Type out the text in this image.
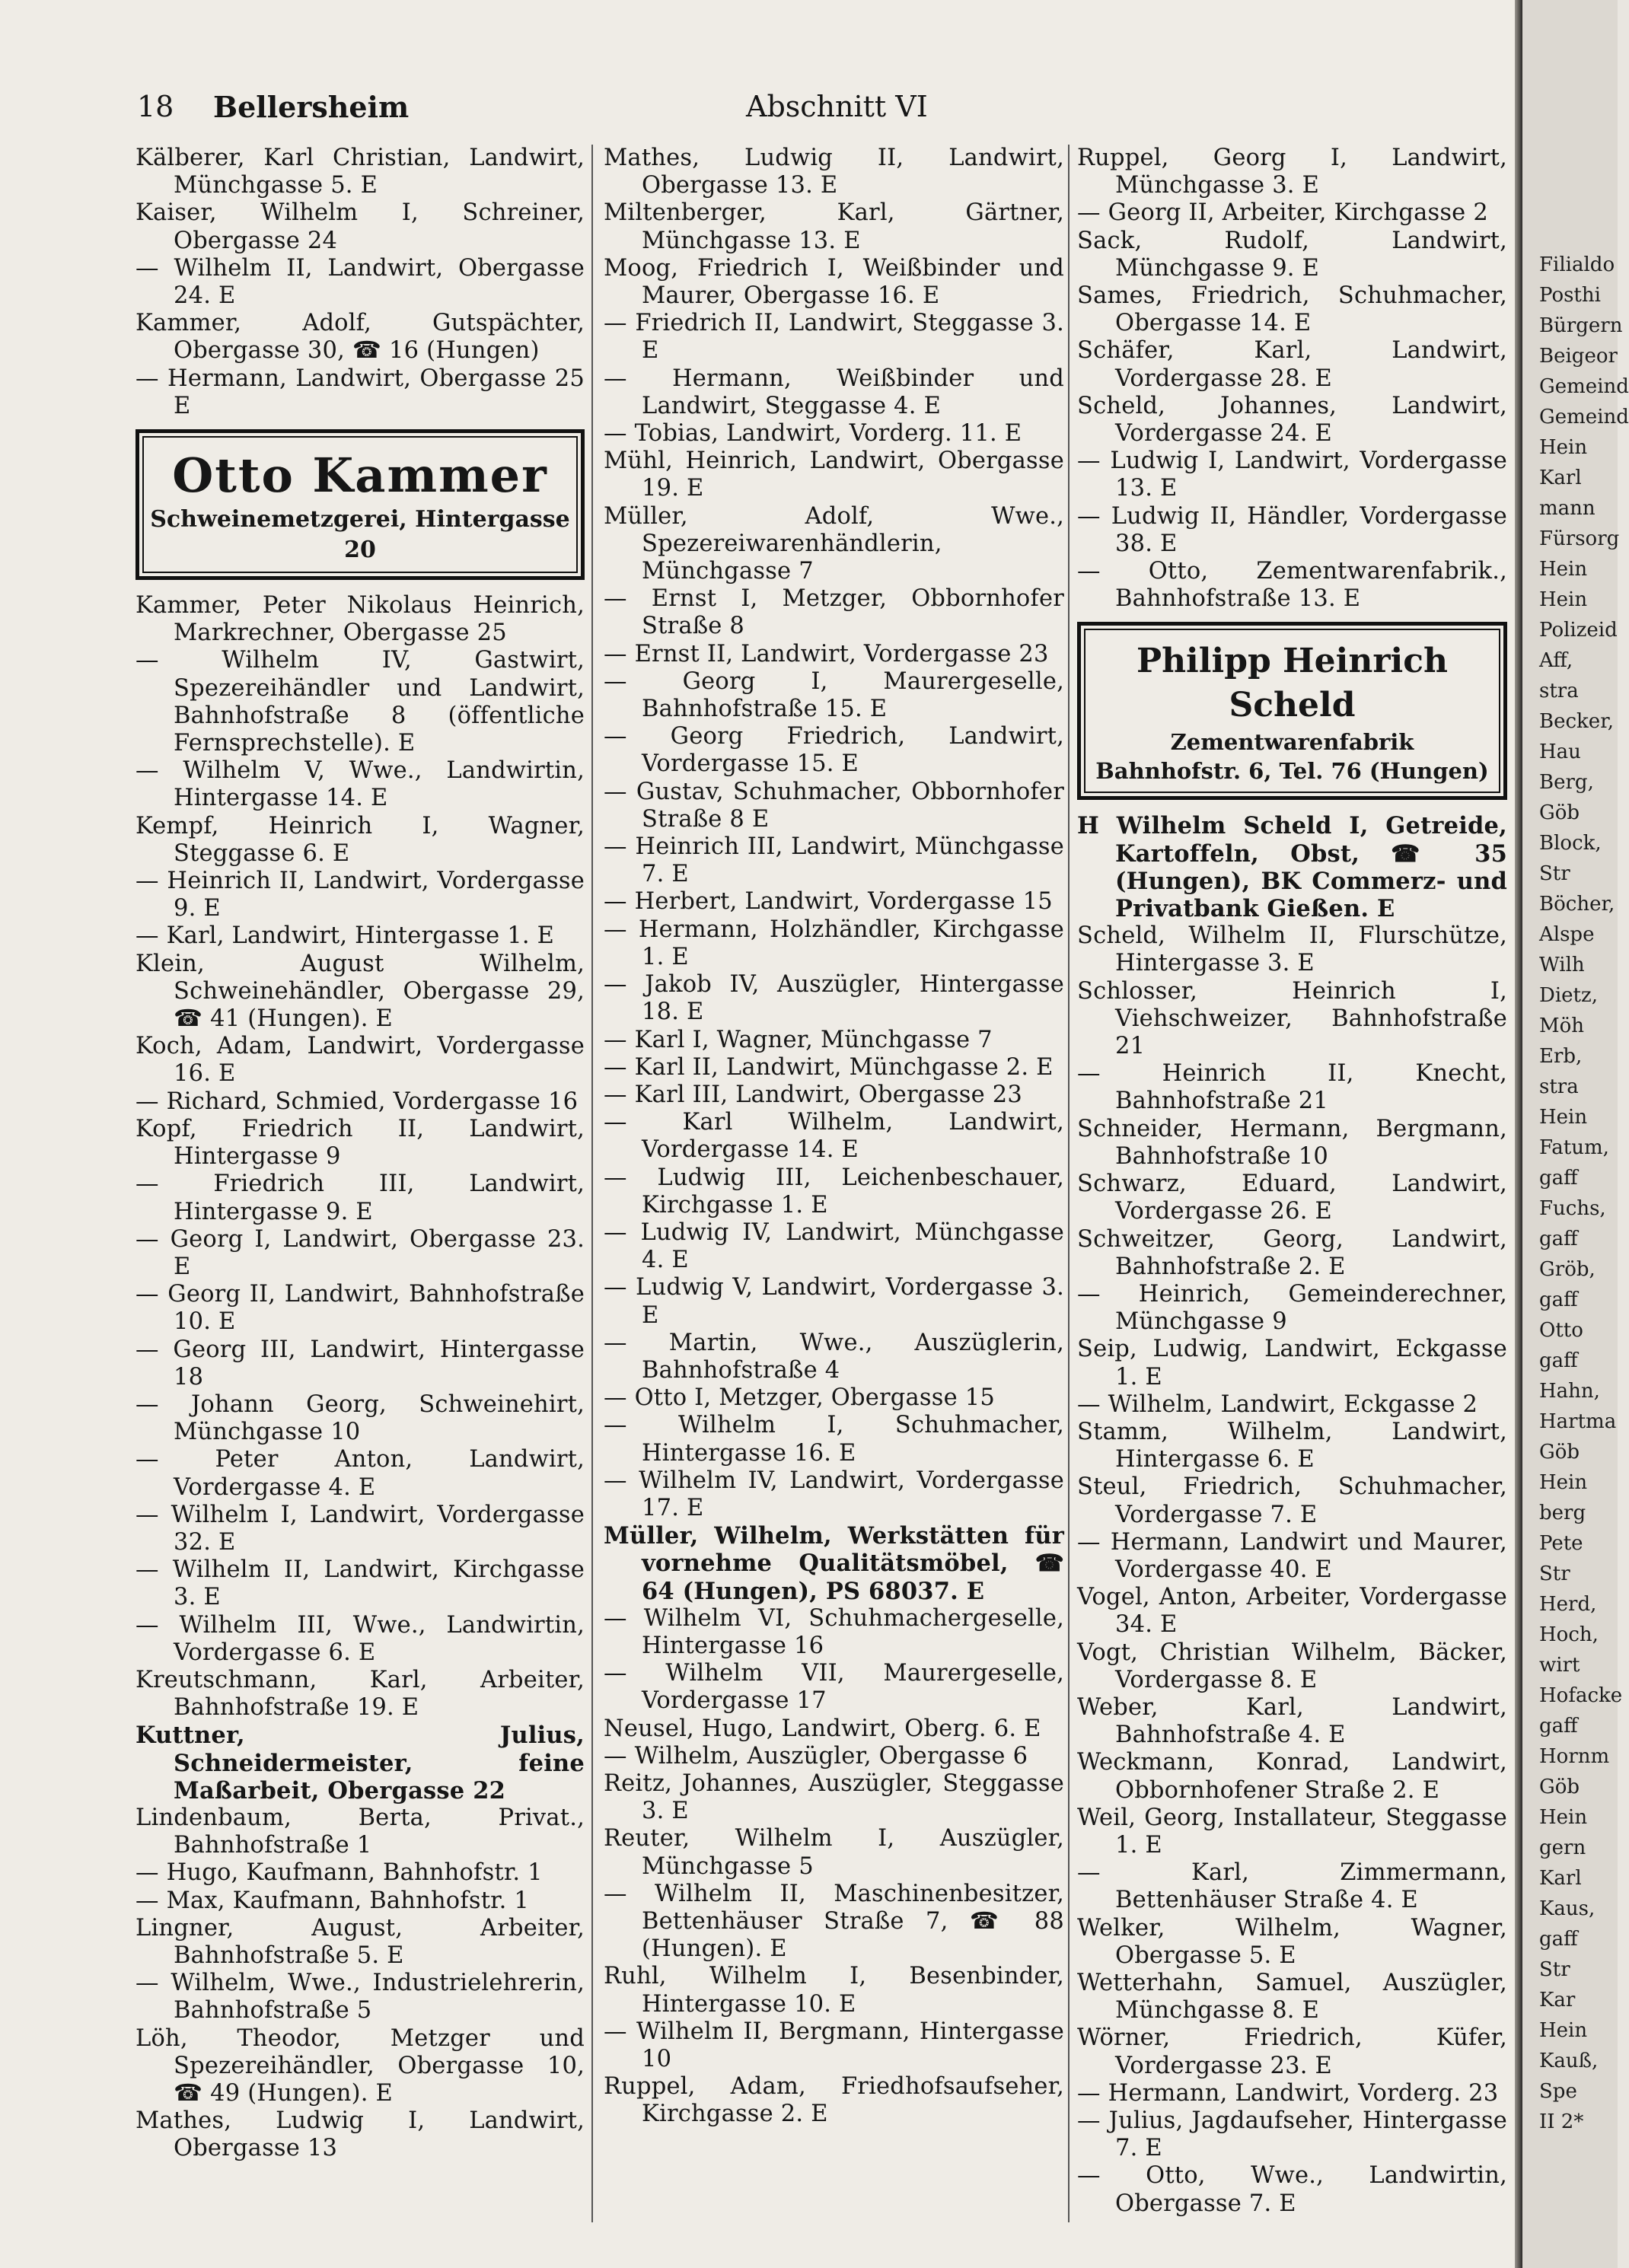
18 Bellersheim	Abschnitt VI

Kälberer, Karl Christian, Landwirt, Münchgasse 5. E

Kaiser, Wilhelm I, Schreiner, Obergasse 24

— Wilhelm II, Landwirt, Obergasse 24. E

Kammer, Adolf, Gutspächter, Obergasse 30, ☎ 16 (Hungen)

— Hermann, Landwirt, Obergasse 25 E

Otto Kammer
Schweinemetzgerei, Hintergasse 20

Kammer, Peter Nikolaus Heinrich, Markrechner, Obergasse 25

— Wilhelm IV, Gastwirt, Spezereihändler und Landwirt, Bahnhofstraße 8 (öffentliche Fernsprechstelle). E

— Wilhelm V, Wwe., Landwirtin, Hintergasse 14. E

Kempf, Heinrich I, Wagner, Steggasse 6. E

— Heinrich II, Landwirt, Vordergasse 9. E

— Karl, Landwirt, Hintergasse 1. E

Klein, August Wilhelm, Schweinehändler, Obergasse 29, ☎ 41 (Hungen). E

Koch, Adam, Landwirt, Vordergasse 16. E

— Richard, Schmied, Vordergasse 16

Kopf, Friedrich II, Landwirt, Hintergasse 9

— Friedrich III, Landwirt, Hintergasse 9. E

— Georg I, Landwirt, Obergasse 23. E

— Georg II, Landwirt, Bahnhofstraße 10. E

— Georg III, Landwirt, Hintergasse 18

— Johann Georg, Schweinehirt, Münchgasse 10

— Peter Anton, Landwirt, Vordergasse 4. E

— Wilhelm I, Landwirt, Vordergasse 32. E

— Wilhelm II, Landwirt, Kirchgasse 3. E

— Wilhelm III, Wwe., Landwirtin, Vordergasse 6. E

Kreutschmann, Karl, Arbeiter, Bahnhofstraße 19. E

Kuttner, Julius, Schneidermeister, feine Maßarbeit, Obergasse 22

Lindenbaum, Berta, Privat., Bahnhofstraße 1

— Hugo, Kaufmann, Bahnhofstr. 1

— Max, Kaufmann, Bahnhofstr. 1

Lingner, August, Arbeiter, Bahnhofstraße 5. E

— Wilhelm, Wwe., Industrielehrerin, Bahnhofstraße 5

Löh, Theodor, Metzger und Spezereihändler, Obergasse 10, ☎ 49 (Hungen). E

Mathes, Ludwig I, Landwirt, Obergasse 13

Mathes, Ludwig II, Landwirt, Obergasse 13. E

Miltenberger, Karl, Gärtner, Münchgasse 13. E

Moog, Friedrich I, Weißbinder und Maurer, Obergasse 16. E

— Friedrich II, Landwirt, Steggasse 3. E

— Hermann, Weißbinder und Landwirt, Steggasse 4. E

— Tobias, Landwirt, Vorderg. 11. E

Mühl, Heinrich, Landwirt, Obergasse 19. E

Müller, Adolf, Wwe., Spezereiwarenhändlerin, Münchgasse 7

— Ernst I, Metzger, Obbornhofer Straße 8

— Ernst II, Landwirt, Vordergasse 23

— Georg I, Maurergeselle, Bahnhofstraße 15. E

— Georg Friedrich, Landwirt, Vordergasse 15. E

— Gustav, Schuhmacher, Obbornhofer Straße 8 E

— Heinrich III, Landwirt, Münchgasse 7. E

— Herbert, Landwirt, Vordergasse 15

— Hermann, Holzhändler, Kirchgasse 1. E

— Jakob IV, Auszügler, Hintergasse 18. E

— Karl I, Wagner, Münchgasse 7

— Karl II, Landwirt, Münchgasse 2. E

— Karl III, Landwirt, Obergasse 23

— Karl Wilhelm, Landwirt, Vordergasse 14. E

— Ludwig III, Leichenbeschauer, Kirchgasse 1. E

— Ludwig IV, Landwirt, Münchgasse 4. E

— Ludwig V, Landwirt, Vordergasse 3. E

— Martin, Wwe., Auszüglerin, Bahnhofstraße 4

— Otto I, Metzger, Obergasse 15

— Wilhelm I, Schuhmacher, Hintergasse 16. E

— Wilhelm IV, Landwirt, Vordergasse 17. E

Müller, Wilhelm, Werkstätten für vornehme Qualitätsmöbel, ☎ 64 (Hungen), PS 68037. E

— Wilhelm VI, Schuhmachergeselle, Hintergasse 16

— Wilhelm VII, Maurergeselle, Vordergasse 17

Neusel, Hugo, Landwirt, Oberg. 6. E

— Wilhelm, Auszügler, Obergasse 6

Reitz, Johannes, Auszügler, Steggasse 3. E

Reuter, Wilhelm I, Auszügler, Münchgasse 5

— Wilhelm II, Maschinenbesitzer, Bettenhäuser Straße 7, ☎ 88 (Hungen). E

Ruhl, Wilhelm I, Besenbinder, Hintergasse 10. E

— Wilhelm II, Bergmann, Hintergasse 10

Ruppel, Adam, Friedhofsaufseher, Kirchgasse 2. E

Ruppel, Georg I, Landwirt, Münchgasse 3. E

— Georg II, Arbeiter, Kirchgasse 2

Sack, Rudolf, Landwirt, Münchgasse 9. E

Sames, Friedrich, Schuhmacher, Obergasse 14. E

Schäfer, Karl, Landwirt, Vordergasse 28. E

Scheld, Johannes, Landwirt, Vordergasse 24. E

— Ludwig I, Landwirt, Vordergasse 13. E

— Ludwig II, Händler, Vordergasse 38. E

— Otto, Zementwarenfabrik., Bahnhofstraße 13. E

Philipp Heinrich Scheld
Zementwarenfabrik
Bahnhofstr. 6, Tel. 76 (Hungen)

H Wilhelm Scheld I, Getreide, Kartoffeln, Obst, ☎ 35 (Hungen), BK Commerz- und Privatbank Gießen. E

Scheld, Wilhelm II, Flurschütze, Hintergasse 3. E

Schlosser, Heinrich I, Viehschweizer, Bahnhofstraße 21

— Heinrich II, Knecht, Bahnhofstraße 21

Schneider, Hermann, Bergmann, Bahnhofstraße 10

Schwarz, Eduard, Landwirt, Vordergasse 26. E

Schweitzer, Georg, Landwirt, Bahnhofstraße 2. E

— Heinrich, Gemeinderechner, Münchgasse 9

Seip, Ludwig, Landwirt, Eckgasse 1. E

— Wilhelm, Landwirt, Eckgasse 2

Stamm, Wilhelm, Landwirt, Hintergasse 6. E

Steul, Friedrich, Schuhmacher, Vordergasse 7. E

— Hermann, Landwirt und Maurer, Vordergasse 40. E

Vogel, Anton, Arbeiter, Vordergasse 34. E

Vogt, Christian Wilhelm, Bäcker, Vordergasse 8. E

Weber, Karl, Landwirt, Bahnhofstraße 4. E

Weckmann, Konrad, Landwirt, Obbornhofener Straße 2. E

Weil, Georg, Installateur, Steggasse 1. E

— Karl, Zimmermann, Bettenhäuser Straße 4. E

Welker, Wilhelm, Wagner, Obergasse 5. E

Wetterhahn, Samuel, Auszügler, Münchgasse 8. E

Wörner, Friedrich, Küfer, Vordergasse 23. E

— Hermann, Landwirt, Vorderg. 23

— Julius, Jagdaufseher, Hintergasse 7. E

— Otto, Wwe., Landwirtin, Obergasse 7. E

Filialdo
Posthi
Bürgern
Beigeor
Gemeind
Gemeind
Hein
Karl
mann
Fürsorg
Hein
Hein
Polizeid
Aff,
stra
Becker,
Hau
Berg,
Göb
Block,
Str
Böcher,
Alspe
Wilh
Dietz,
Möh
Erb,
stra
Hein
Fatum,
gaff
Fuchs,
gaff
Gröb,
gaff
Otto
gaff
Hahn,
Hartma
Göb
Hein
berg
Pete
Str
Herd,
Hoch,
wirt
Hofacke
gaff
Hornm
Göb
Hein
gern
Karl
Kaus,
gaff
Str
Kar
Hein
Kauß,
Spe
II 2*
